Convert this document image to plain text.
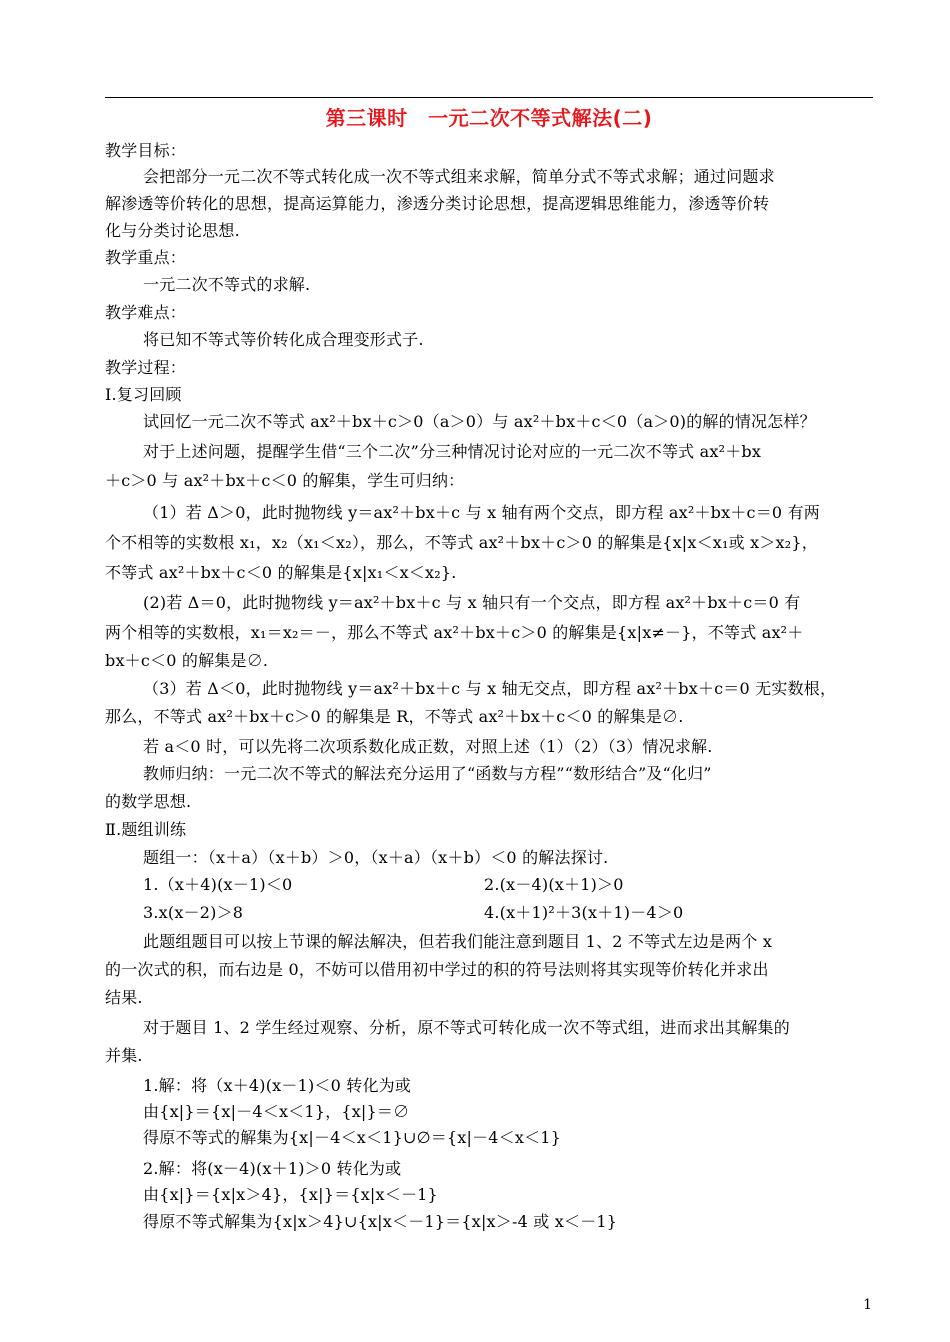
第三课时　一元二次不等式解法(二)
教学目标：
会把部分一元二次不等式转化成一次不等式组来求解，简单分式不等式求解；通过问题求
解渗透等价转化的思想，提高运算能力，渗透分类讨论思想，提高逻辑思维能力，渗透等价转
化与分类讨论思想.
教学重点：
一元二次不等式的求解.
教学难点：
将已知不等式等价转化成合理变形式子.
教学过程：
Ⅰ.复习回顾
试回忆一元二次不等式 ax²＋bx＋c＞0（a＞0）与 ax²＋bx＋c＜0（a＞0)的解的情况怎样？
对于上述问题，提醒学生借“三个二次”分三种情况讨论对应的一元二次不等式 ax²＋bx
＋c＞0 与 ax²＋bx＋c＜0 的解集，学生可归纳：
（1）若 Δ＞0，此时抛物线 y＝ax²＋bx＋c 与 x 轴有两个交点，即方程 ax²＋bx＋c＝0 有两
个不相等的实数根 x₁，x₂（x₁＜x₂），那么，不等式 ax²＋bx＋c＞0 的解集是{x|x＜x₁或 x＞x₂}，
不等式 ax²＋bx＋c＜0 的解集是{x|x₁＜x＜x₂}.
(2)若 Δ＝0，此时抛物线 y＝ax²＋bx＋c 与 x 轴只有一个交点，即方程 ax²＋bx＋c＝0 有
两个相等的实数根，x₁＝x₂＝－，那么不等式 ax²＋bx＋c＞0 的解集是{x|x≠－}，不等式 ax²＋
bx＋c＜0 的解集是∅.
（3）若 Δ＜0，此时抛物线 y＝ax²＋bx＋c 与 x 轴无交点，即方程 ax²＋bx＋c＝0 无实数根，
那么，不等式 ax²＋bx＋c＞0 的解集是 R，不等式 ax²＋bx＋c＜0 的解集是∅.
若 a＜0 时，可以先将二次项系数化成正数，对照上述（1）（2）（3）情况求解.
教师归纳：一元二次不等式的解法充分运用了“函数与方程”“数形结合”及“化归”
的数学思想.
Ⅱ.题组训练
题组一：（x＋a）（x＋b）＞0，（x＋a）（x＋b）＜0 的解法探讨.
1.（x＋4)(x－1)＜0	2.(x－4)(x＋1)＞0
3.x(x－2)＞8	4.(x＋1)²＋3(x＋1)－4＞0
此题组题目可以按上节课的解法解决，但若我们能注意到题目 1、2 不等式左边是两个 x
的一次式的积，而右边是 0，不妨可以借用初中学过的积的符号法则将其实现等价转化并求出
结果.
对于题目 1、2 学生经过观察、分析，原不等式可转化成一次不等式组，进而求出其解集的
并集.
1.解：将（x＋4)(x－1)＜0 转化为或
由{x|}＝{x|－4＜x＜1}，{x|}＝∅
得原不等式的解集为{x|－4＜x＜1}∪∅＝{x|－4＜x＜1}
2.解：将(x－4)(x＋1)＞0 转化为或
由{x|}＝{x|x＞4}，{x|}＝{x|x＜－1}
得原不等式解集为{x|x＞4}∪{x|x＜－1}＝{x|x＞-4 或 x＜－1}
1
